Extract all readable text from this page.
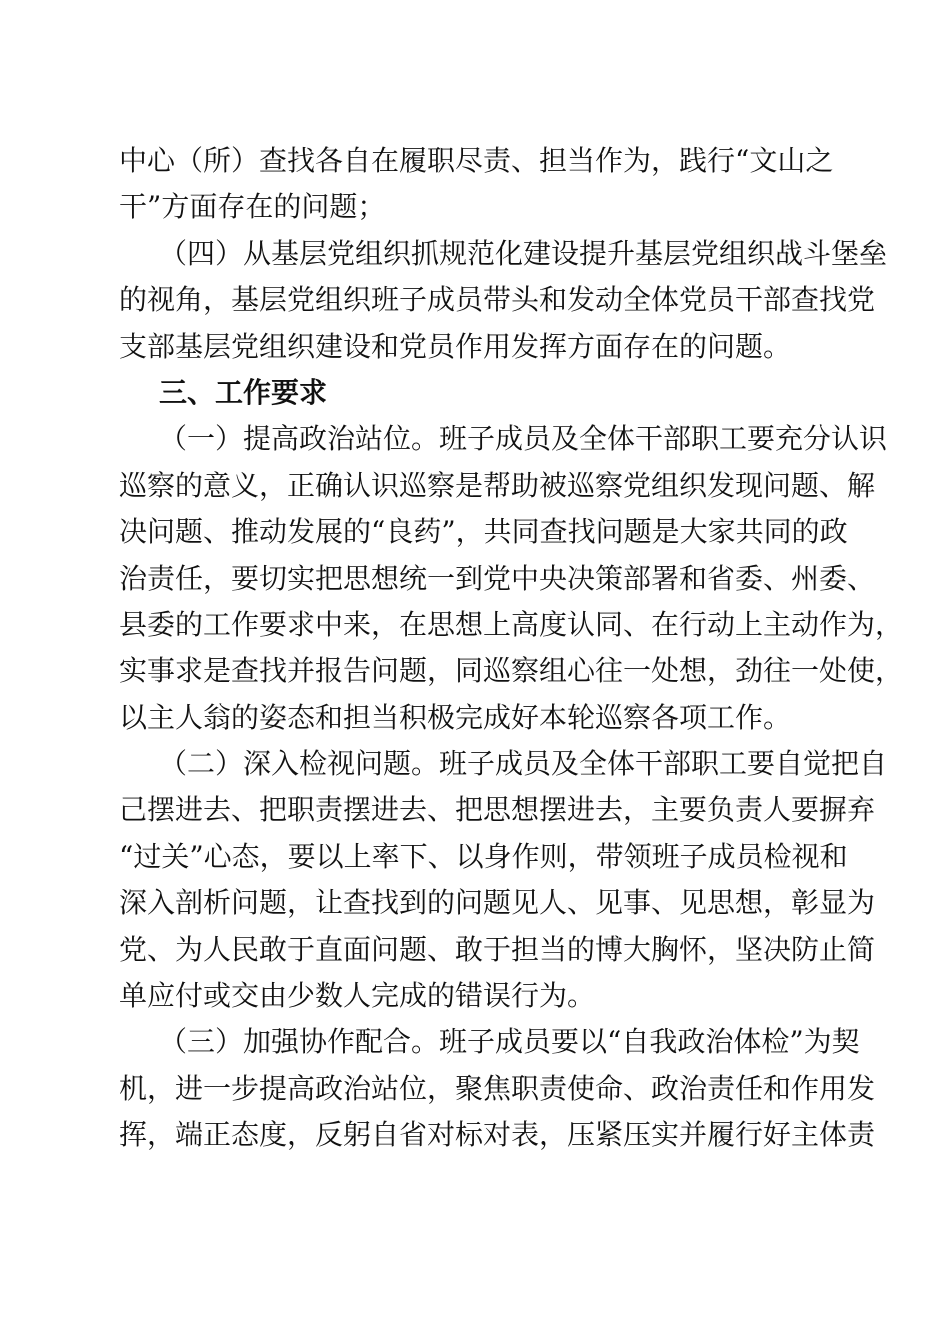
中心（所）查找各自在履职尽责、担当作为，践行“文山之
干”方面存在的问题；
（四）从基层党组织抓规范化建设提升基层党组织战斗堡垒
的视角，基层党组织班子成员带头和发动全体党员干部查找党
支部基层党组织建设和党员作用发挥方面存在的问题。
三、工作要求
（一）提高政治站位。班子成员及全体干部职工要充分认识
巡察的意义，正确认识巡察是帮助被巡察党组织发现问题、解
决问题、推动发展的“良药”，共同查找问题是大家共同的政
治责任，要切实把思想统一到党中央决策部署和省委、州委、
县委的工作要求中来，在思想上高度认同、在行动上主动作为，
实事求是查找并报告问题，同巡察组心往一处想，劲往一处使，
以主人翁的姿态和担当积极完成好本轮巡察各项工作。
（二）深入检视问题。班子成员及全体干部职工要自觉把自
己摆进去、把职责摆进去、把思想摆进去，主要负责人要摒弃
“过关”心态，要以上率下、以身作则，带领班子成员检视和
深入剖析问题，让查找到的问题见人、见事、见思想，彰显为
党、为人民敢于直面问题、敢于担当的博大胸怀，坚决防止简
单应付或交由少数人完成的错误行为。
（三）加强协作配合。班子成员要以“自我政治体检”为契
机，进一步提高政治站位，聚焦职责使命、政治责任和作用发
挥，端正态度，反躬自省对标对表，压紧压实并履行好主体责
